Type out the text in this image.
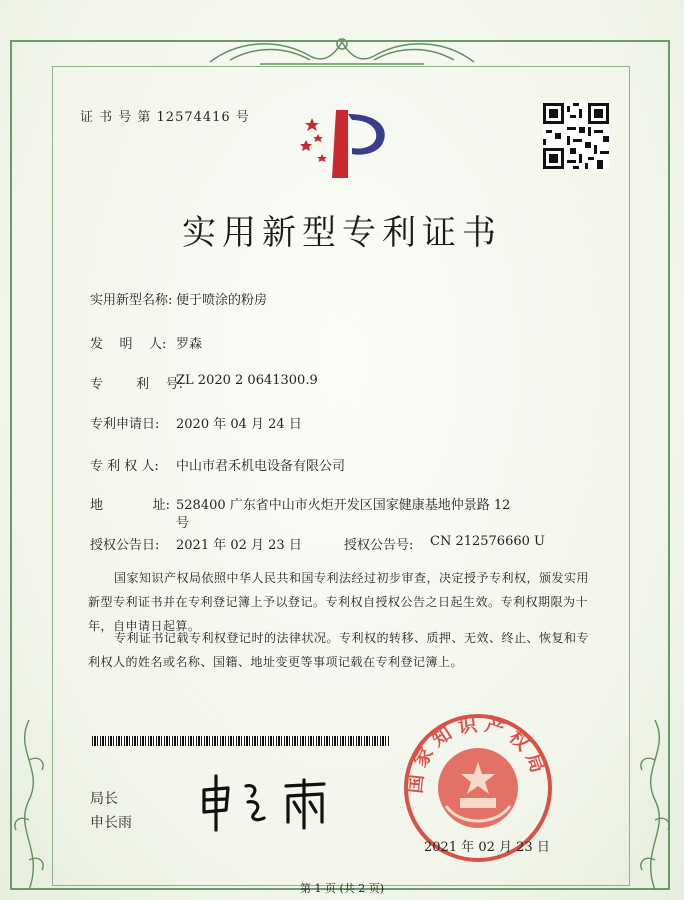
证 书 号 第 12574416 号
实用新型专利证书
实用新型名称: 便于喷涂的粉房
发    明    人: 罗森
专        利    号:
ZL 2020 2 0641300.9
专利申请日: 2020 年 04 月 24 日
专 利 权 人: 中山市君禾机电设备有限公司
地            址: 528400 广东省中山市火炬开发区国家健康基地仲景路 12
号
授权公告日: 2021 年 02 月 23 日	授权公告号: CN 212576660 U
国家知识产权局依照中华人民共和国专利法经过初步审查，决定授予专利权，颁发实用新型专利证书并在专利登记簿上予以登记。专利权自授权公告之日起生效。专利权期限为十年，自申请日起算。
专利证书记载专利权登记时的法律状况。专利权的转移、质押、无效、终止、恢复和专利权人的姓名或名称、国籍、地址变更等事项记载在专利登记簿上。
局长
申长雨
国家知识产权局
2021 年 02 月 23 日
第 1 页 (共 2 页)
